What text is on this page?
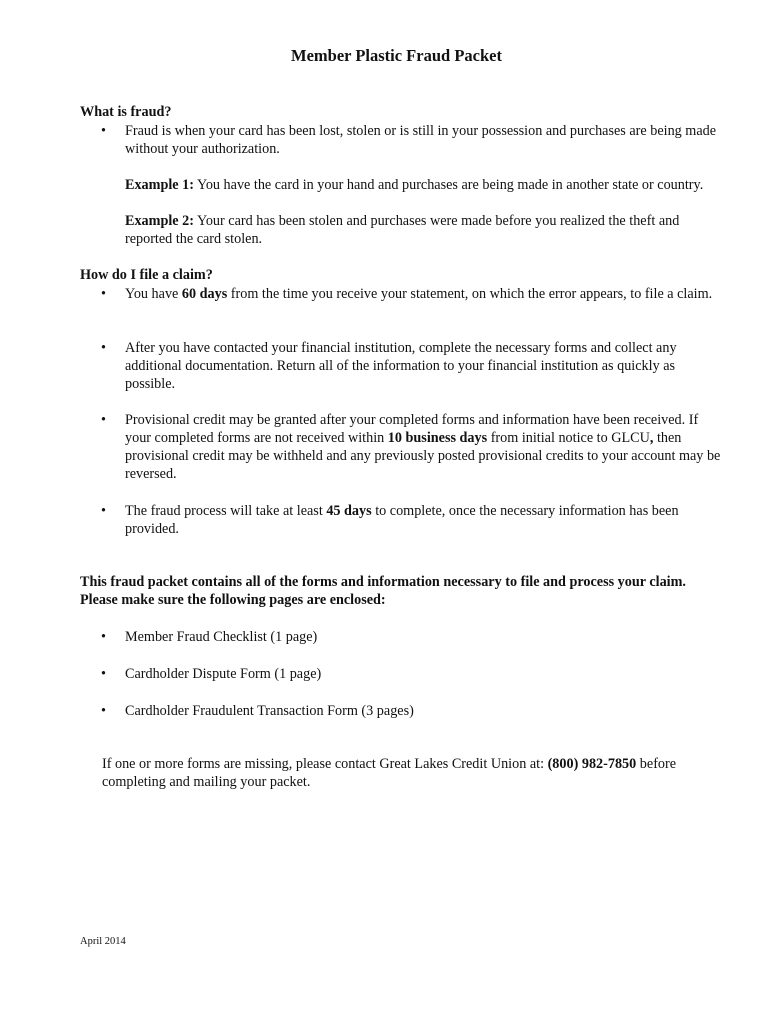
Member Plastic Fraud Packet
What is fraud?
•	Fraud is when your card has been lost, stolen or is still in your possession and purchases are being made without your authorization.
Example 1: You have the card in your hand and purchases are being made in another state or country.
Example 2: Your card has been stolen and purchases were made before you realized the theft and reported the card stolen.
How do I file a claim?
•	You have 60 days from the time you receive your statement, on which the error appears, to file a claim.
•	After you have contacted your financial institution, complete the necessary forms and collect any additional documentation. Return all of the information to your financial institution as quickly as possible.
•	Provisional credit may be granted after your completed forms and information have been received. If your completed forms are not received within 10 business days from initial notice to GLCU, then provisional credit may be withheld and any previously posted provisional credits to your account may be reversed.
•	The fraud process will take at least 45 days to complete, once the necessary information has been provided.
This fraud packet contains all of the forms and information necessary to file and process your claim. Please make sure the following pages are enclosed:
•	Member Fraud Checklist (1 page)
•	Cardholder Dispute Form (1 page)
•	Cardholder Fraudulent Transaction Form (3 pages)
If one or more forms are missing, please contact Great Lakes Credit Union at: (800) 982-7850 before completing and mailing your packet.
April 2014
